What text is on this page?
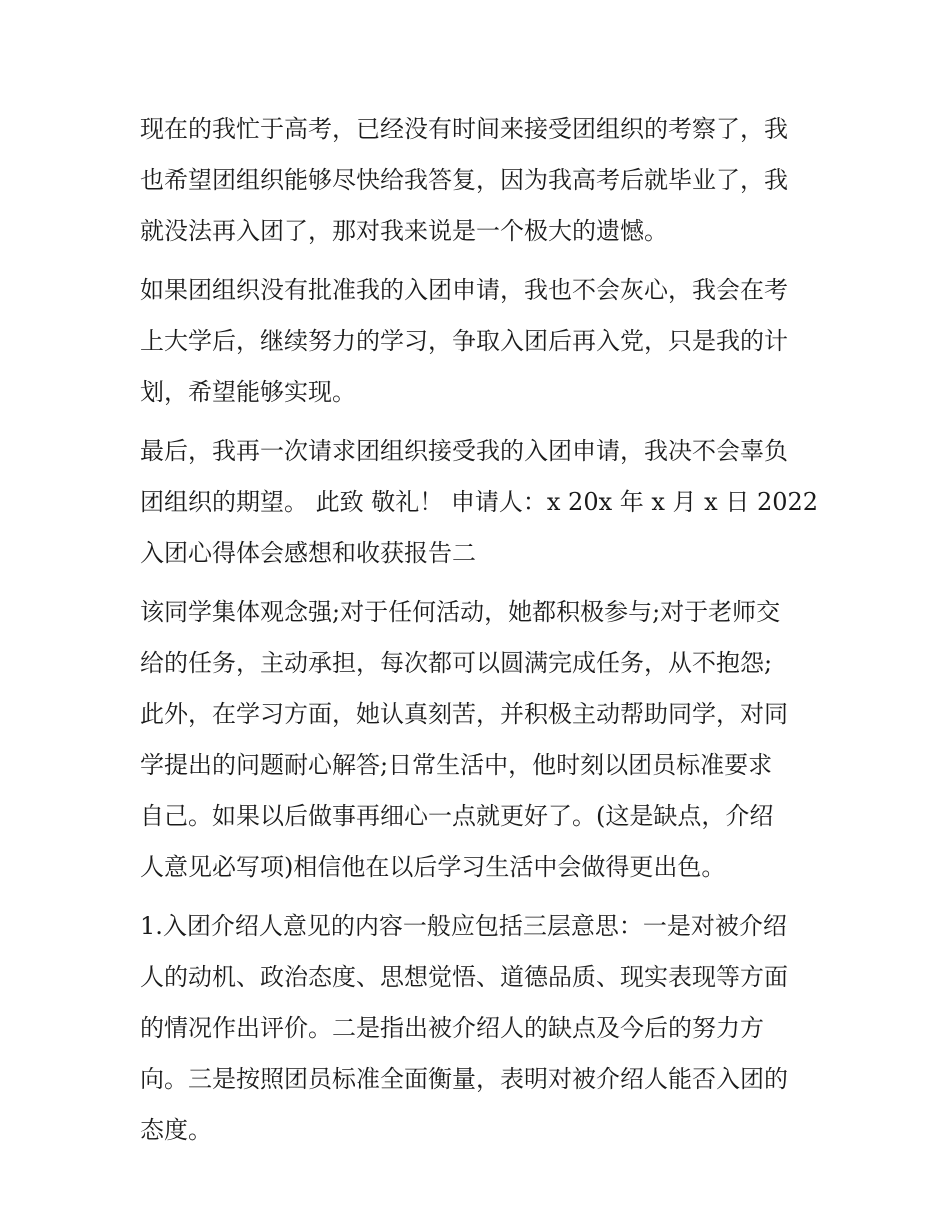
现在的我忙于高考，已经没有时间来接受团组织的考察了，我
也希望团组织能够尽快给我答复，因为我高考后就毕业了，我
就没法再入团了，那对我来说是一个极大的遗憾。
如果团组织没有批准我的入团申请，我也不会灰心，我会在考
上大学后，继续努力的学习，争取入团后再入党，只是我的计
划，希望能够实现。
最后，我再一次请求团组织接受我的入团申请，我决不会辜负
团组织的期望。 此致 敬礼！ 申请人：x 20x 年 x 月 x 日 2022
入团心得体会感想和收获报告二
该同学集体观念强;对于任何活动，她都积极参与;对于老师交
给的任务，主动承担，每次都可以圆满完成任务，从不抱怨;
此外，在学习方面，她认真刻苦，并积极主动帮助同学，对同
学提出的问题耐心解答;日常生活中，他时刻以团员标准要求
自己。如果以后做事再细心一点就更好了。(这是缺点，介绍
人意见必写项)相信他在以后学习生活中会做得更出色。
1.入团介绍人意见的内容一般应包括三层意思：一是对被介绍
人的动机、政治态度、思想觉悟、道德品质、现实表现等方面
的情况作出评价。二是指出被介绍人的缺点及今后的努力方
向。三是按照团员标准全面衡量，表明对被介绍人能否入团的
态度。
